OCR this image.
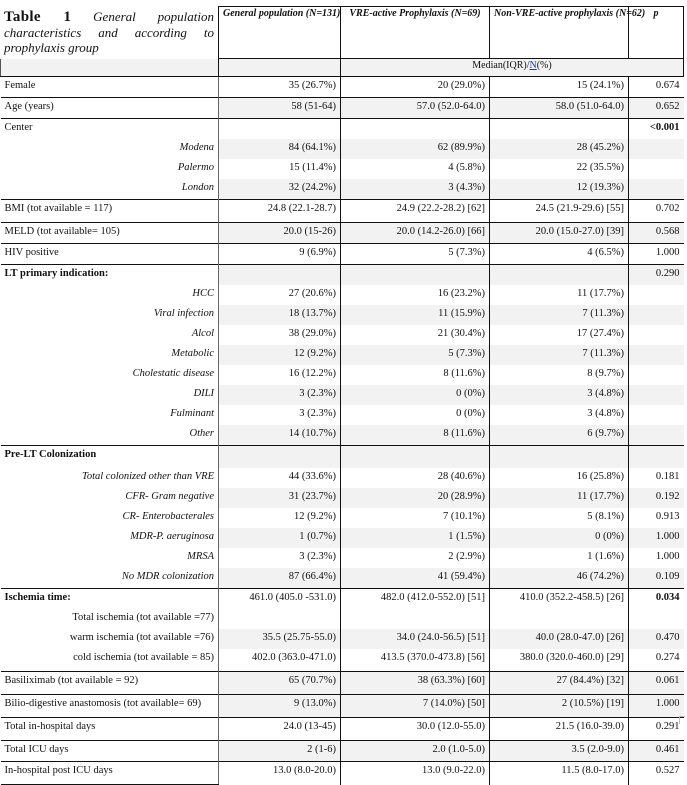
Table 1 General population characteristics and according to prophylaxis group
	General population (N=131)	VRE-active Prophylaxis (N=69)	Non-VRE-active prophylaxis (N=62)	p
		Median(IQR)/N(%)		
Female	35 (26.7%)	20 (29.0%)	15 (24.1%)	0.674
Age (years)	58 (51-64)	57.0 (52.0-64.0)	58.0 (51.0-64.0)	0.652
Center				<0.001
Modena	84 (64.1%)	62 (89.9%)	28 (45.2%)	
Palermo	15 (11.4%)	4 (5.8%)	22 (35.5%)	
London	32 (24.2%)	3 (4.3%)	12 (19.3%)	
BMI (tot available = 117)	24.8 (22.1-28.7)	24.9 (22.2-28.2) [62]	24.5 (21.9-29.6) [55]	0.702
MELD (tot available= 105)	20.0 (15-26)	20.0 (14.2-26.0) [66]	20.0 (15.0-27.0) [39]	0.568
HIV positive	9 (6.9%)	5 (7.3%)	4 (6.5%)	1.000
LT primary indication:				0.290
HCC	27 (20.6%)	16 (23.2%)	11 (17.7%)	
Viral infection	18 (13.7%)	11 (15.9%)	7 (11.3%)	
Alcol	38 (29.0%)	21 (30.4%)	17 (27.4%)	
Metabolic	12 (9.2%)	5 (7.3%)	7 (11.3%)	
Cholestatic disease	16 (12.2%)	8 (11.6%)	8 (9.7%)	
DILI	3 (2.3%)	0 (0%)	3 (4.8%)	
Fulminant	3 (2.3%)	0 (0%)	3 (4.8%)	
Other	14 (10.7%)	8 (11.6%)	6 (9.7%)	
Pre-LT Colonization				
Total colonized other than VRE	44 (33.6%)	28 (40.6%)	16 (25.8%)	0.181
CFR- Gram negative	31 (23.7%)	20 (28.9%)	11 (17.7%)	0.192
CR- Enterobacterales	12 (9.2%)	7 (10.1%)	5 (8.1%)	0.913
MDR-P. aeruginosa	1 (0.7%)	1 (1.5%)	0 (0%)	1.000
MRSA	3 (2.3%)	2 (2.9%)	1 (1.6%)	1.000
No MDR colonization	87 (66.4%)	41 (59.4%)	46 (74.2%)	0.109
Ischemia time:	461.0 (405.0 -531.0)	482.0 (412.0-552.0) [51]	410.0 (352.2-458.5) [26]	0.034
Total ischemia (tot available =77)				
warm ischemia (tot available =76)	35.5 (25.75-55.0)	34.0 (24.0-56.5) [51]	40.0 (28.0-47.0) [26]	0.470
cold ischemia (tot available = 85)	402.0 (363.0-471.0)	413.5 (370.0-473.8) [56]	380.0 (320.0-460.0) [29]	0.274
Basiliximab (tot available = 92)	65 (70.7%)	38 (63.3%) [60]	27 (84.4%) [32]	0.061
Bilio-digestive anastomosis (tot available= 69)	9 (13.0%)	7 (14.0%) [50]	2 (10.5%) [19]	1.000
Total in-hospital days	24.0 (13-45)	30.0 (12.0-55.0)	21.5 (16.0-39.0)	0.291
Total ICU days	2 (1-6)	2.0 (1.0-5.0)	3.5 (2.0-9.0)	0.461
In-hospital post ICU days	13.0 (8.0-20.0)	13.0 (9.0-22.0)	11.5 (8.0-17.0)	0.527
